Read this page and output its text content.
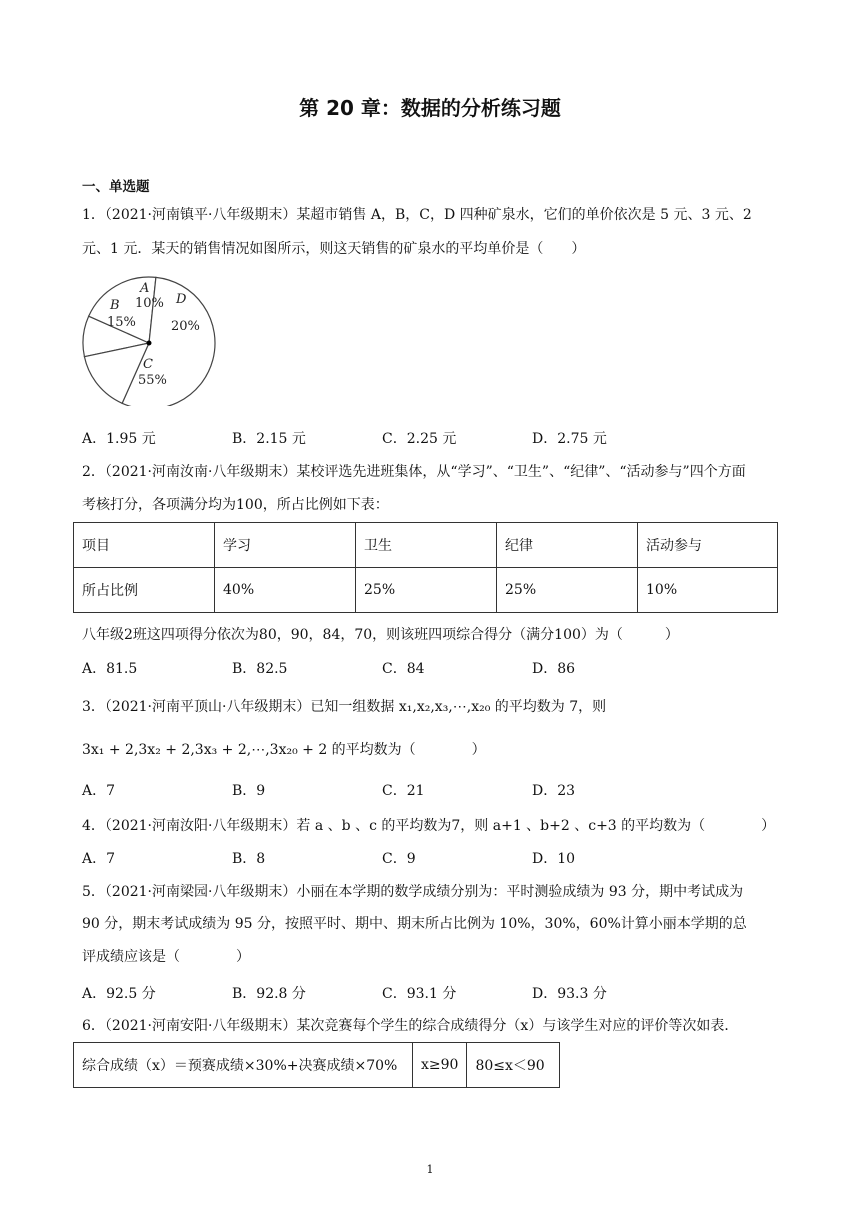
第 20 章：数据的分析练习题
一、单选题
1．（2021·河南镇平·八年级期末）某超市销售 A，B，C，D 四种矿泉水，它们的单价依次是 5 元、3 元、2
元、1 元．某天的销售情况如图所示，则这天销售的矿泉水的平均单价是（　　）
A
10%
B
15%
C
55%
D
20%
A．1.95 元	B．2.15 元	C．2.25 元	D．2.75 元
2．（2021·河南汝南·八年级期末）某校评选先进班集体，从“学习”、“卫生”、“纪律”、“活动参与”四个方面
考核打分，各项满分均为100，所占比例如下表：
项目	学习	卫生	纪律	活动参与
所占比例	40%	25%	25%	10%
八年级2班这四项得分依次为80，90，84，70，则该班四项综合得分（满分100）为（　　　）
A．81.5	B．82.5	C．84	D．86
3．（2021·河南平顶山·八年级期末）已知一组数据 x₁,x₂,x₃,⋯,x₂₀ 的平均数为 7，则
3x₁ + 2,3x₂ + 2,3x₃ + 2,⋯,3x₂₀ + 2 的平均数为（　　　　）
A．7	B．9	C．21	D．23
4．（2021·河南汝阳·八年级期末）若 a 、b 、c 的平均数为7，则 a+1 、b+2 、c+3 的平均数为（　　　　）
A．7	B．8	C．9	D．10
5．（2021·河南梁园·八年级期末）小丽在本学期的数学成绩分别为：平时测验成绩为 93 分，期中考试成为
90 分，期末考试成绩为 95 分，按照平时、期中、期末所占比例为 10%，30%，60%计算小丽本学期的总
评成绩应该是（　　　　）
A．92.5 分	B．92.8 分	C．93.1 分	D．93.3 分
6．（2021·河南安阳·八年级期末）某次竞赛每个学生的综合成绩得分（x）与该学生对应的评价等次如表．
综合成绩（x）＝预赛成绩×30%+决赛成绩×70%	x≥90	80≤x＜90
1
